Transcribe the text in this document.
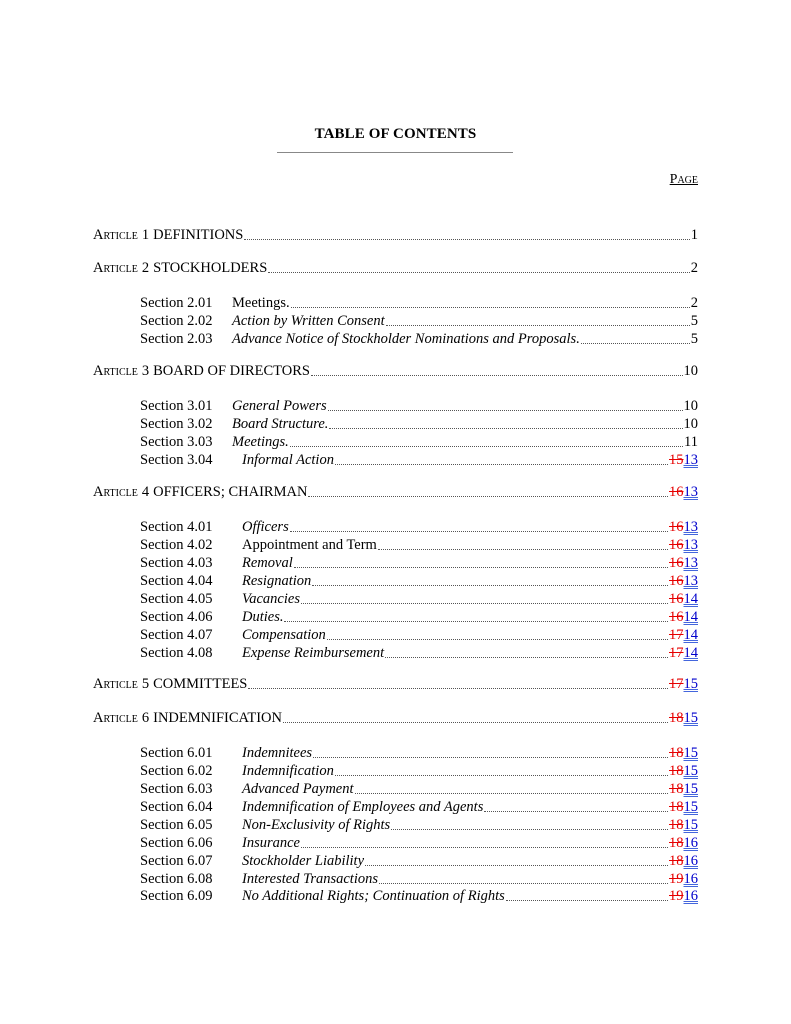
TABLE OF CONTENTS
Page
Article 1 DEFINITIONS	1
Article 2 STOCKHOLDERS	2
Section 2.01	Meetings.	2
Section 2.02	Action by Written Consent	5
Section 2.03	Advance Notice of Stockholder Nominations and Proposals.	5
Article 3 BOARD OF DIRECTORS	10
Section 3.01	General Powers	10
Section 3.02	Board Structure.	10
Section 3.03	Meetings.	11
Section 3.04	Informal Action	15 13
Article 4 OFFICERS; CHAIRMAN	16 13
Section 4.01	Officers	16 13
Section 4.02	Appointment and Term	16 13
Section 4.03	Removal	16 13
Section 4.04	Resignation	16 13
Section 4.05	Vacancies	16 14
Section 4.06	Duties.	16 14
Section 4.07	Compensation	17 14
Section 4.08	Expense Reimbursement	17 14
Article 5 COMMITTEES	17 15
Article 6 INDEMNIFICATION	18 15
Section 6.01	Indemnitees	18 15
Section 6.02	Indemnification	18 15
Section 6.03	Advanced Payment	18 15
Section 6.04	Indemnification of Employees and Agents	18 15
Section 6.05	Non-Exclusivity of Rights	18 15
Section 6.06	Insurance	18 16
Section 6.07	Stockholder Liability	18 16
Section 6.08	Interested Transactions	19 16
Section 6.09	No Additional Rights; Continuation of Rights	19 16
